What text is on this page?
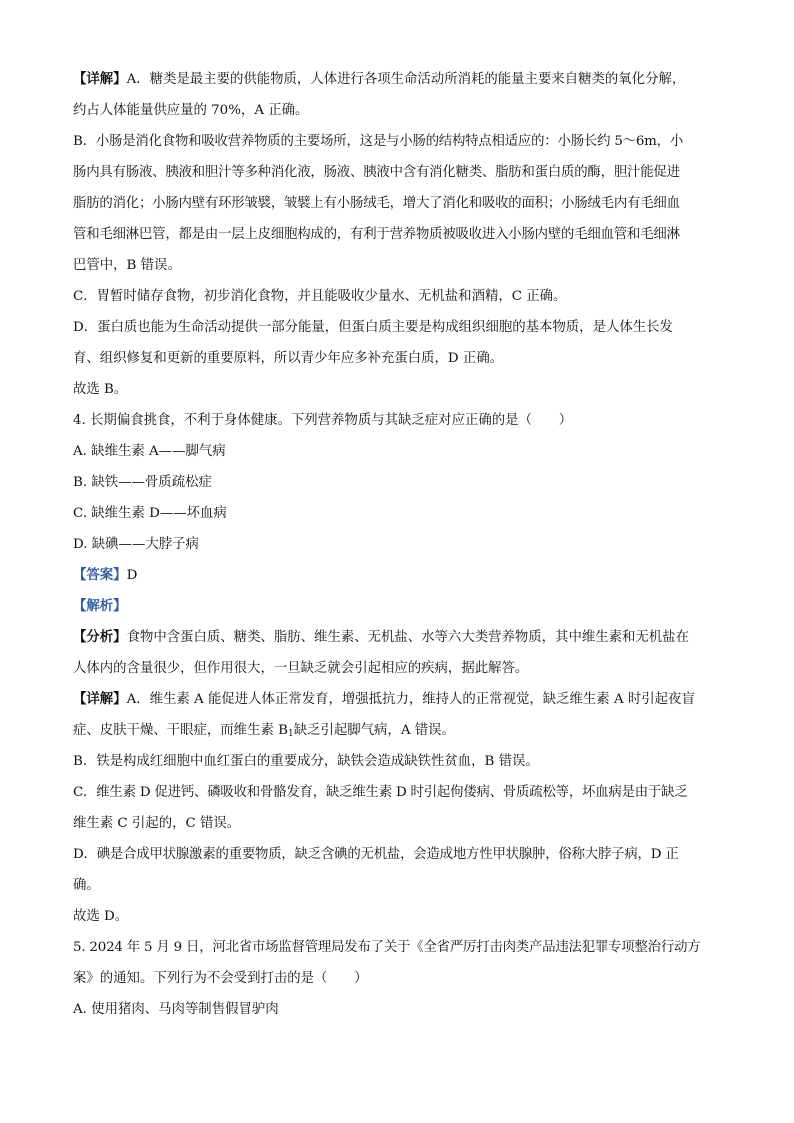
【详解】A．糖类是最主要的供能物质，人体进行各项生命活动所消耗的能量主要来自糖类的氧化分解，
约占人体能量供应量的 70%，A 正确。
B．小肠是消化食物和吸收营养物质的主要场所，这是与小肠的结构特点相适应的：小肠长约 5～6m，小
肠内具有肠液、胰液和胆汁等多种消化液，肠液、胰液中含有消化糖类、脂肪和蛋白质的酶，胆汁能促进
脂肪的消化；小肠内壁有环形皱襞，皱襞上有小肠绒毛，增大了消化和吸收的面积；小肠绒毛内有毛细血
管和毛细淋巴管，都是由一层上皮细胞构成的，有利于营养物质被吸收进入小肠内壁的毛细血管和毛细淋
巴管中，B 错误。
C．胃暂时储存食物，初步消化食物，并且能吸收少量水、无机盐和酒精，C 正确。
D．蛋白质也能为生命活动提供一部分能量，但蛋白质主要是构成组织细胞的基本物质，是人体生长发
育、组织修复和更新的重要原料，所以青少年应多补充蛋白质，D 正确。
故选 B。
4. 长期偏食挑食，不利于身体健康。下列营养物质与其缺乏症对应正确的是（　　）
A. 缺维生素 A——脚气病
B. 缺铁——骨质疏松症
C. 缺维生素 D——坏血病
D. 缺碘——大脖子病
【答案】D
【解析】
【分析】食物中含蛋白质、糖类、脂肪、维生素、无机盐、水等六大类营养物质，其中维生素和无机盐在
人体内的含量很少，但作用很大，一旦缺乏就会引起相应的疾病，据此解答。
【详解】A．维生素 A 能促进人体正常发育，增强抵抗力，维持人的正常视觉，缺乏维生素 A 时引起夜盲
症、皮肤干燥、干眼症，而维生素 $B_1$缺乏引起脚气病，A 错误。
B．铁是构成红细胞中血红蛋白的重要成分，缺铁会造成缺铁性贫血，B 错误。
C．维生素 D 促进钙、磷吸收和骨骼发育，缺乏维生素 D 时引起佝偻病、骨质疏松等，坏血病是由于缺乏
维生素 C 引起的，C 错误。
D．碘是合成甲状腺激素的重要物质，缺乏含碘的无机盐，会造成地方性甲状腺肿，俗称大脖子病，D 正
确。
故选 D。
5. 2024 年 5 月 9 日，河北省市场监督管理局发布了关于《全省严厉打击肉类产品违法犯罪专项整治行动方
案》的通知。下列行为不会受到打击的是（　　）
A. 使用猪肉、马肉等制售假冒驴肉
